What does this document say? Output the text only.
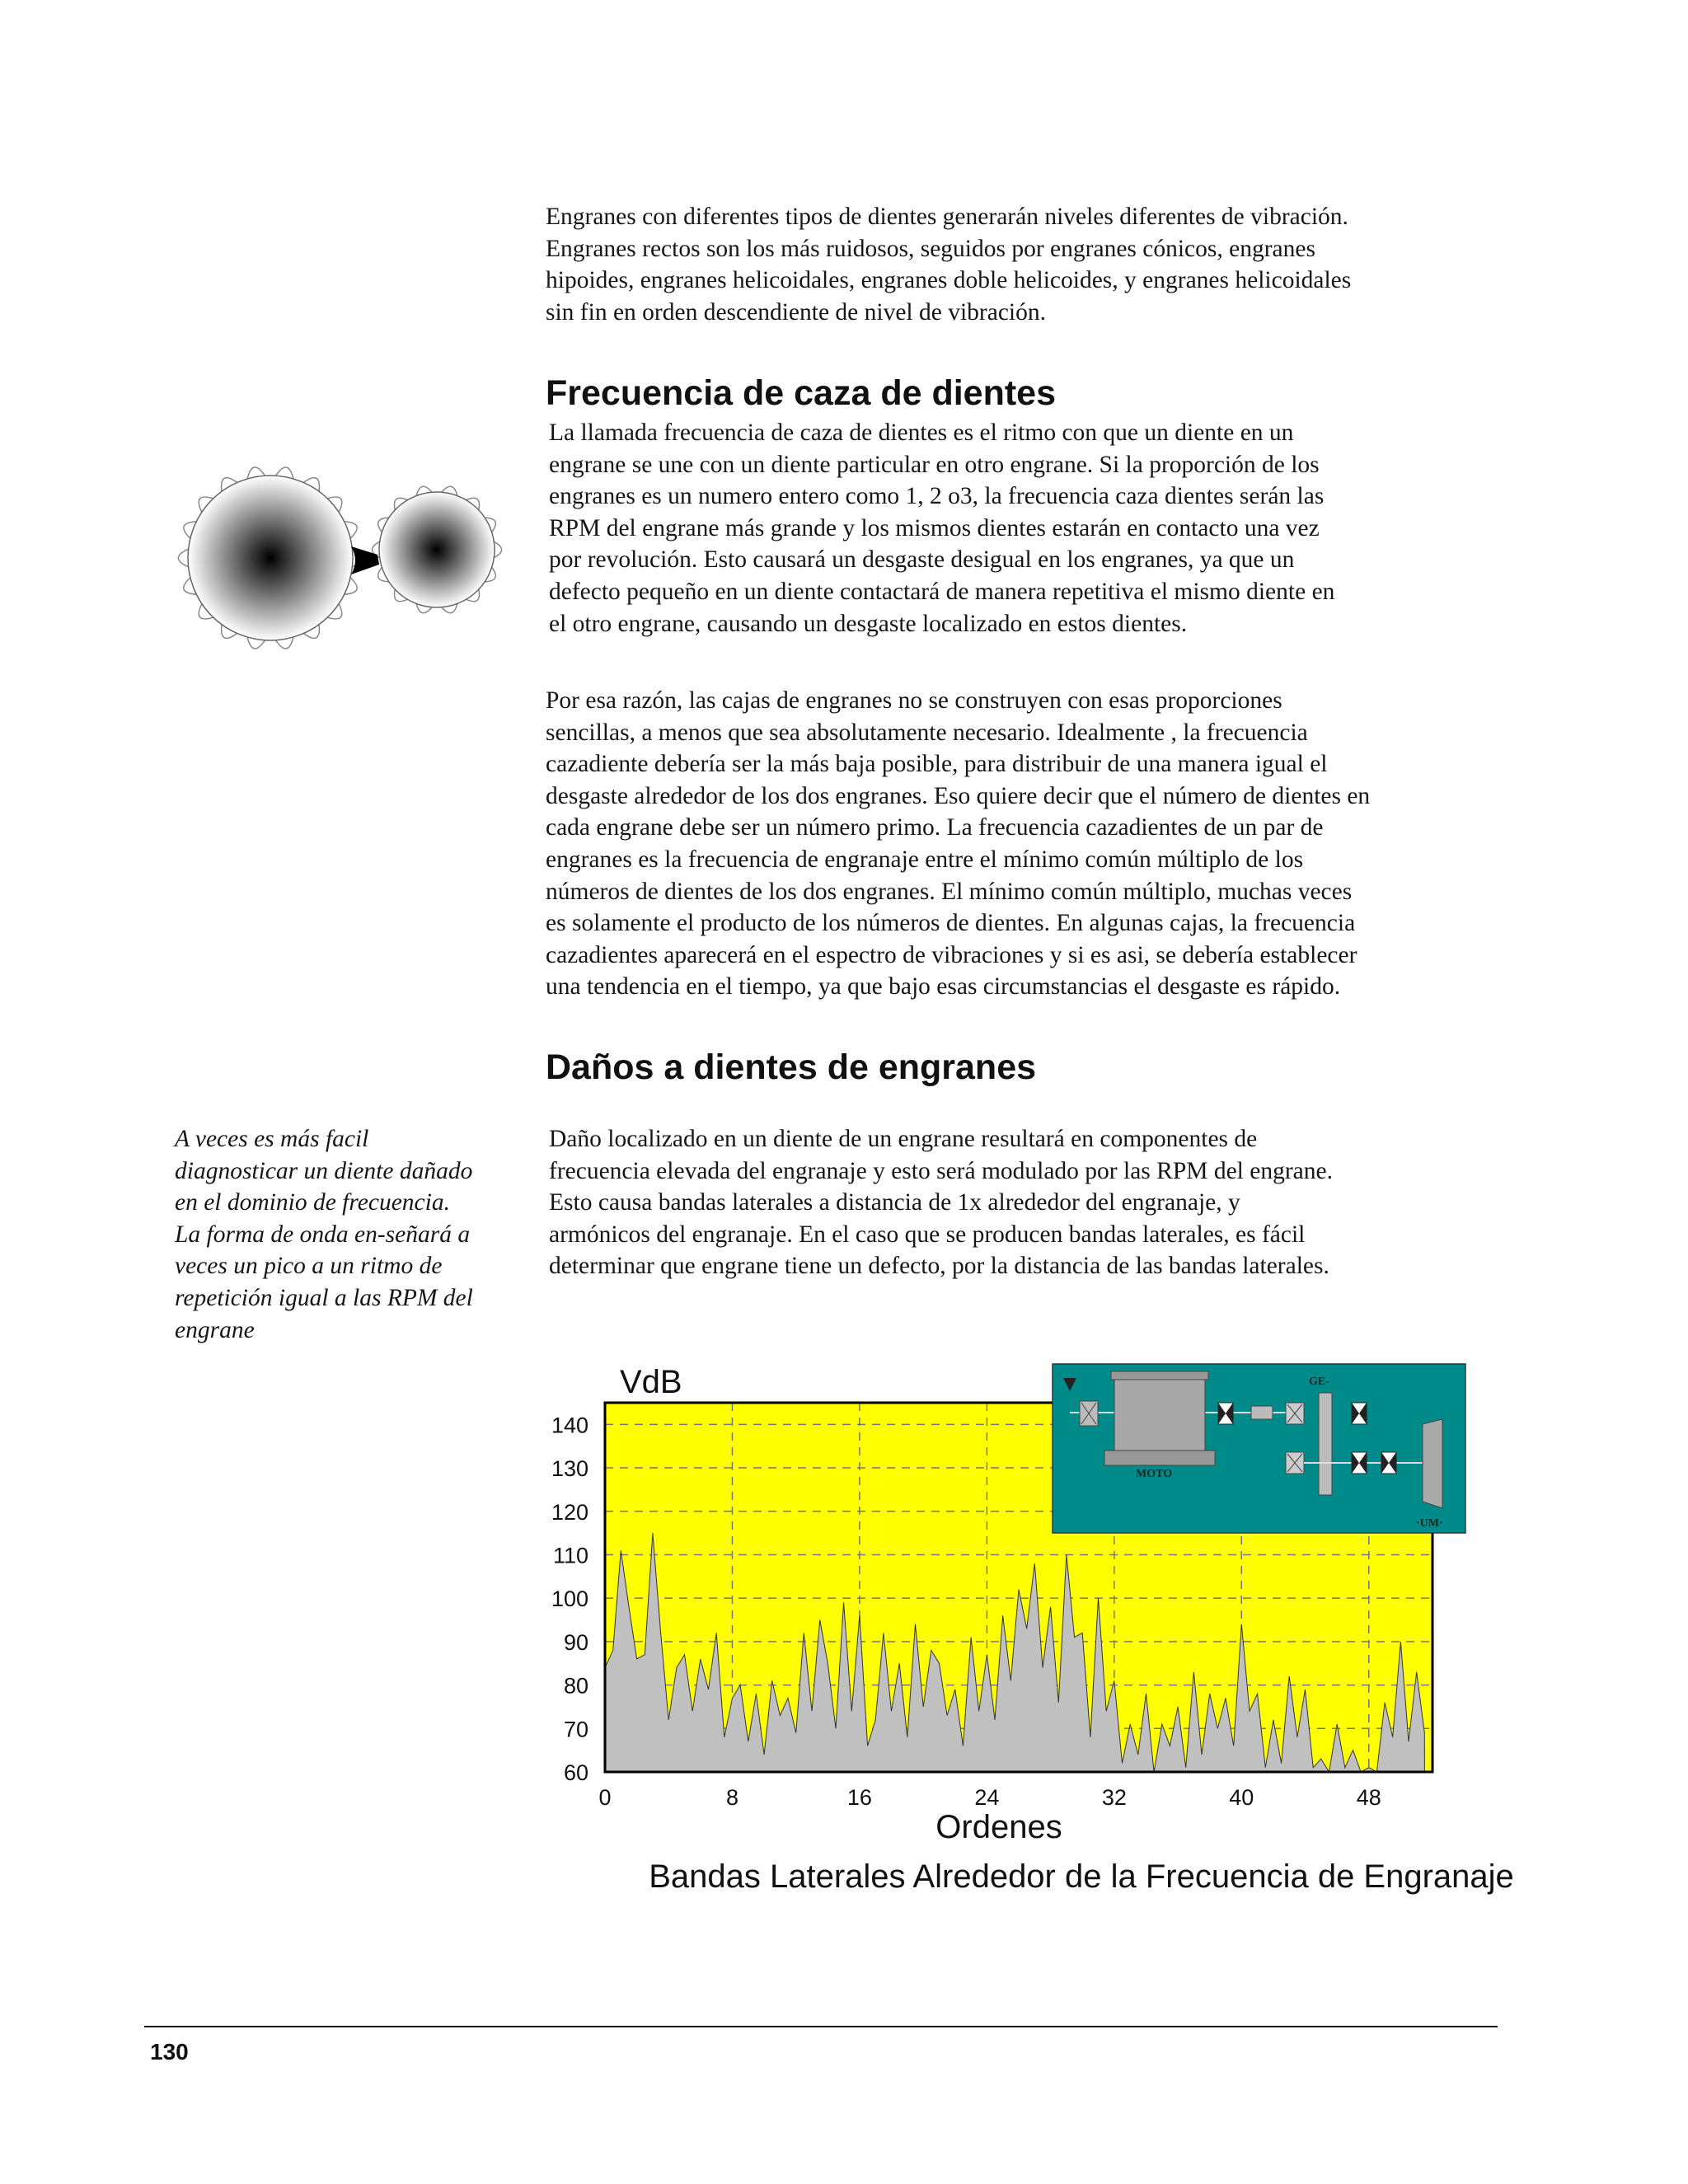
Engranes con diferentes tipos de dientes generarán niveles diferentes de vibración.
Engranes rectos son los más ruidosos, seguidos por engranes cónicos, engranes
hipoides, engranes helicoidales, engranes doble helicoides, y engranes helicoidales
sin fin en orden descendiente de nivel de vibración.
Frecuencia de caza de dientes
La llamada frecuencia de caza de dientes es el ritmo con que un diente en un
engrane se une con un diente particular en otro engrane. Si la proporción de los
engranes es un numero entero como 1, 2 o3, la frecuencia caza dientes serán las
RPM del engrane más grande y los mismos dientes estarán en contacto una vez
por revolución. Esto causará un desgaste desigual en los engranes, ya que un
defecto pequeño en un diente contactará de manera repetitiva el mismo diente en
el otro engrane, causando un desgaste localizado en estos dientes.
Por esa razón, las cajas de engranes no se construyen con esas proporciones
sencillas, a menos que sea absolutamente necesario. Idealmente , la frecuencia
cazadiente debería ser la más baja posible, para distribuir de una manera igual el
desgaste alrededor de los dos engranes. Eso quiere decir que el número de dientes en
cada engrane debe ser un número primo. La frecuencia cazadientes de un par de
engranes es la frecuencia de engranaje entre el mínimo común múltiplo de los
números de dientes de los dos engranes. El mínimo común múltiplo, muchas veces
es solamente el producto de los números de dientes. En algunas cajas, la frecuencia
cazadientes aparecerá en el espectro de vibraciones y si es asi, se debería establecer
una tendencia en el tiempo, ya que bajo esas circumstancias el desgaste es rápido.
Daños a dientes de engranes
A veces es más facil
diagnosticar un diente dañado
en el dominio de frecuencia.
La forma de onda en-señará a
veces un pico a un ritmo de
repetición igual a las RPM del
engrane
Daño localizado en un diente de un engrane resultará en componentes de
frecuencia elevada del engranaje y esto será modulado por las RPM del engrane.
Esto causa bandas laterales a distancia de 1x alrededor del engranaje, y
armónicos del engranaje. En el caso que se producen bandas laterales, es fácil
determinar que engrane tiene un defecto, por la distancia de las bandas laterales.
60
70
80
90
100
110
120
130
140
0	8	16	24	32	40	48
VdB
Ordenes
Bandas Laterales Alrededor de la Frecuencia de Engranaje
MOTO
GE-
·UM·
130
